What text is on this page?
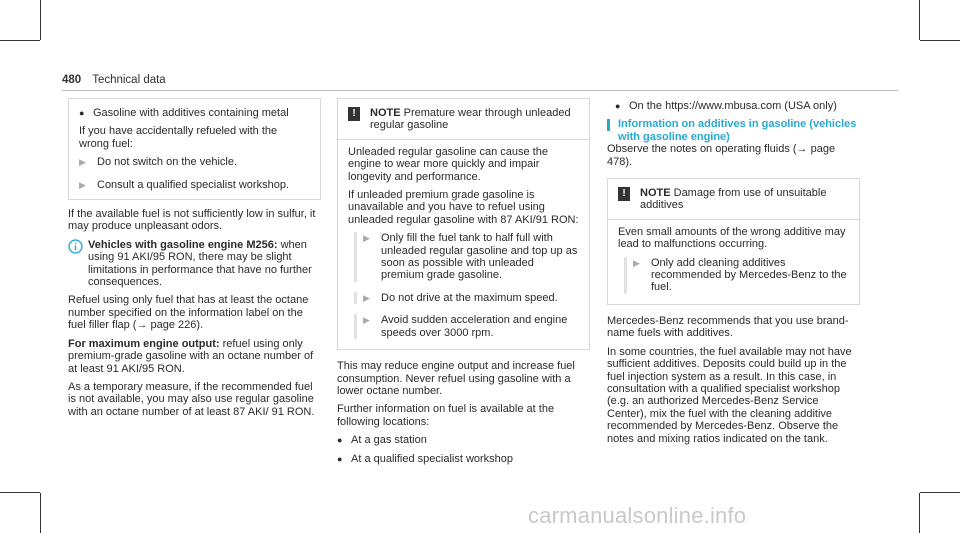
480 Technical data
● Gasoline with additives containing metal

If you have accidentally refueled with the wrong fuel:

▶	Do not switch on the vehicle.
▶	Consult a qualified specialist workshop.

If the available fuel is not sufficiently low in sulfur, it may produce unpleasant odors.

Vehicles with gasoline engine M256: when using 91 AKI/95 RON, there may be slight limitations in performance that have no further consequences.

Refuel using only fuel that has at least the octane number specified on the information label on the fuel filler flap (→ page 226).

For maximum engine output: refuel using only premium-grade gasoline with an octane number of at least 91 AKI/95 RON.

As a temporary measure, if the recommended fuel is not available, you may also use regular gasoline with an octane number of at least 87 AKI/ 91 RON.

!	NOTE Premature wear through unleaded regular gasoline

Unleaded regular gasoline can cause the engine to wear more quickly and impair longevity and performance.

If unleaded premium grade gasoline is unavailable and you have to refuel using unleaded regular gasoline with 87 AKI/91 RON:

▶	Only fill the fuel tank to half full with unleaded regular gasoline and top up as soon as possible with unleaded premium grade gasoline.
▶	Do not drive at the maximum speed.
▶	Avoid sudden acceleration and engine speeds over 3000 rpm.

This may reduce engine output and increase fuel consumption. Never refuel using gasoline with a lower octane number.

Further information on fuel is available at the following locations:

● At a gas station
● At a qualified specialist workshop
● On the https://www.mbusa.com (USA only)
Information on additives in gasoline (vehicles with gasoline engine)

Observe the notes on operating fluids (→ page 478).

!	NOTE Damage from use of unsuitable additives

Even small amounts of the wrong additive may lead to malfunctions occurring.

▶	Only add cleaning additives recommended by Mercedes-Benz to the fuel.

Mercedes-Benz recommends that you use brand-name fuels with additives.

In some countries, the fuel available may not have sufficient additives. Deposits could build up in the fuel injection system as a result. In this case, in consultation with a qualified specialist workshop (e.g. an authorized Mercedes-Benz Service Center), mix the fuel with the cleaning additive recommended by Mercedes-Benz. Observe the notes and mixing ratios indicated on the tank.

carmanualsonline.info
